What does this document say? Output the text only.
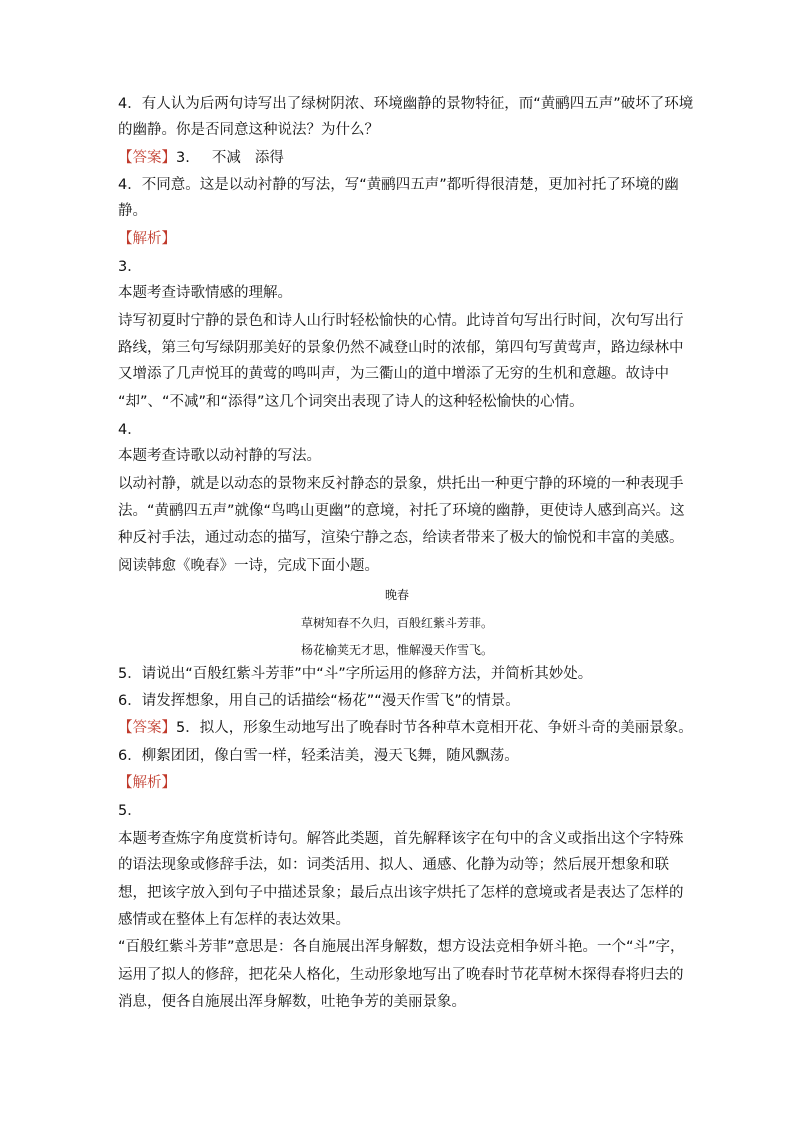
4．有人认为后两句诗写出了绿树阴浓、环境幽静的景物特征，而“黄鹂四五声”破坏了环境
的幽静。你是否同意这种说法？为什么？
【答案】3. 不减 添得
4．不同意。这是以动衬静的写法，写“黄鹂四五声”都听得很清楚，更加衬托了环境的幽
静。
【解析】
3．
本题考查诗歌情感的理解。
诗写初夏时宁静的景色和诗人山行时轻松愉快的心情。此诗首句写出行时间，次句写出行
路线，第三句写绿阴那美好的景象仍然不减登山时的浓郁，第四句写黄莺声，路边绿林中
又增添了几声悦耳的黄莺的鸣叫声，为三衢山的道中增添了无穷的生机和意趣。故诗中
“却”、“不减”和“添得”这几个词突出表现了诗人的这种轻松愉快的心情。
4．
本题考查诗歌以动衬静的写法。
以动衬静，就是以动态的景物来反衬静态的景象，烘托出一种更宁静的环境的一种表现手
法。“黄鹂四五声”就像“鸟鸣山更幽”的意境，衬托了环境的幽静，更使诗人感到高兴。这
种反衬手法，通过动态的描写，渲染宁静之态，给读者带来了极大的愉悦和丰富的美感。
阅读韩愈《晚春》一诗，完成下面小题。
晚春
草树知春不久归，百般红紫斗芳菲。
杨花榆荚无才思，惟解漫天作雪飞。
5．请说出“百般红紫斗芳菲”中“斗”字所运用的修辞方法，并简析其妙处。
6．请发挥想象，用自己的话描绘“杨花”“漫天作雪飞”的情景。
【答案】5．拟人，形象生动地写出了晚春时节各种草木竟相开花、争妍斗奇的美丽景象。
6．柳絮团团，像白雪一样，轻柔洁美，漫天飞舞，随风飘荡。
【解析】
5．
本题考查炼字角度赏析诗句。解答此类题，首先解释该字在句中的含义或指出这个字特殊
的语法现象或修辞手法，如：词类活用、拟人、通感、化静为动等；然后展开想象和联
想，把该字放入到句子中描述景象；最后点出该字烘托了怎样的意境或者是表达了怎样的
感情或在整体上有怎样的表达效果。
“百般红紫斗芳菲”意思是：各自施展出浑身解数，想方设法竞相争妍斗艳。一个“斗”字，
运用了拟人的修辞，把花朵人格化，生动形象地写出了晚春时节花草树木探得春将归去的
消息，便各自施展出浑身解数，吐艳争芳的美丽景象。
